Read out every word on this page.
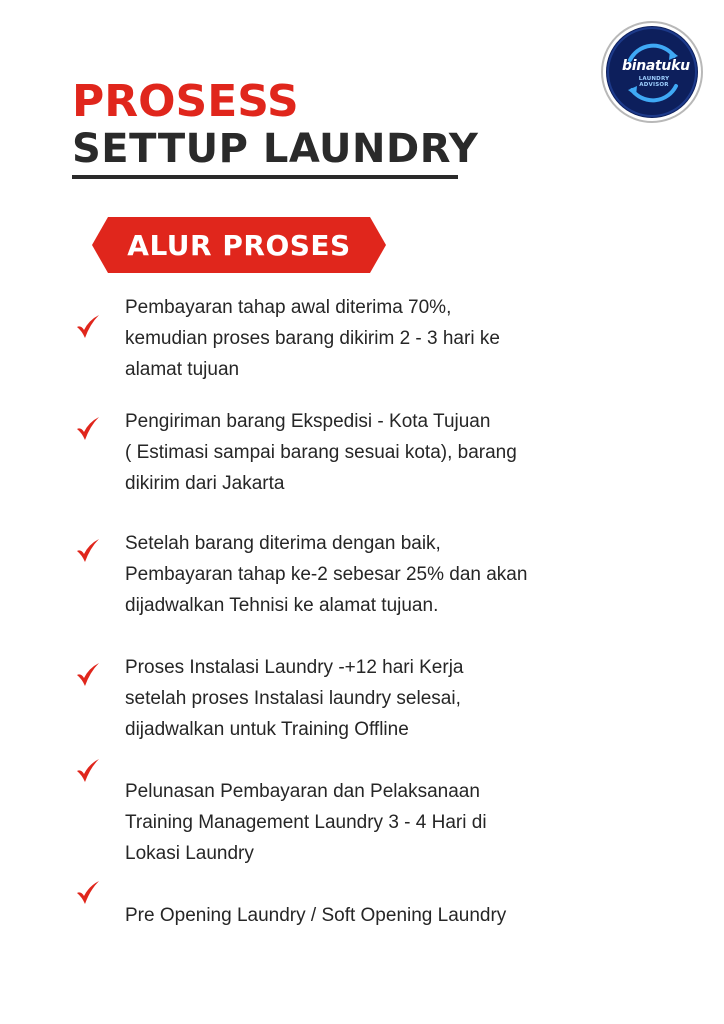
PROSESS
SETTUP LAUNDRY
binatuku
LAUNDRY ADVISOR
ALUR PROSES
Pembayaran tahap awal diterima 70%,
kemudian proses barang dikirim 2 - 3 hari ke
alamat tujuan
Pengiriman barang Ekspedisi - Kota Tujuan
( Estimasi sampai barang sesuai kota), barang
dikirim dari Jakarta
Setelah barang diterima dengan baik,
Pembayaran tahap ke-2 sebesar 25% dan akan
dijadwalkan Tehnisi ke alamat tujuan.
Proses Instalasi Laundry -+12 hari Kerja
setelah proses Instalasi laundry selesai,
dijadwalkan untuk Training Offline
Pelunasan Pembayaran dan Pelaksanaan
Training Management Laundry 3 - 4 Hari di
Lokasi Laundry
Pre Opening Laundry / Soft Opening Laundry
